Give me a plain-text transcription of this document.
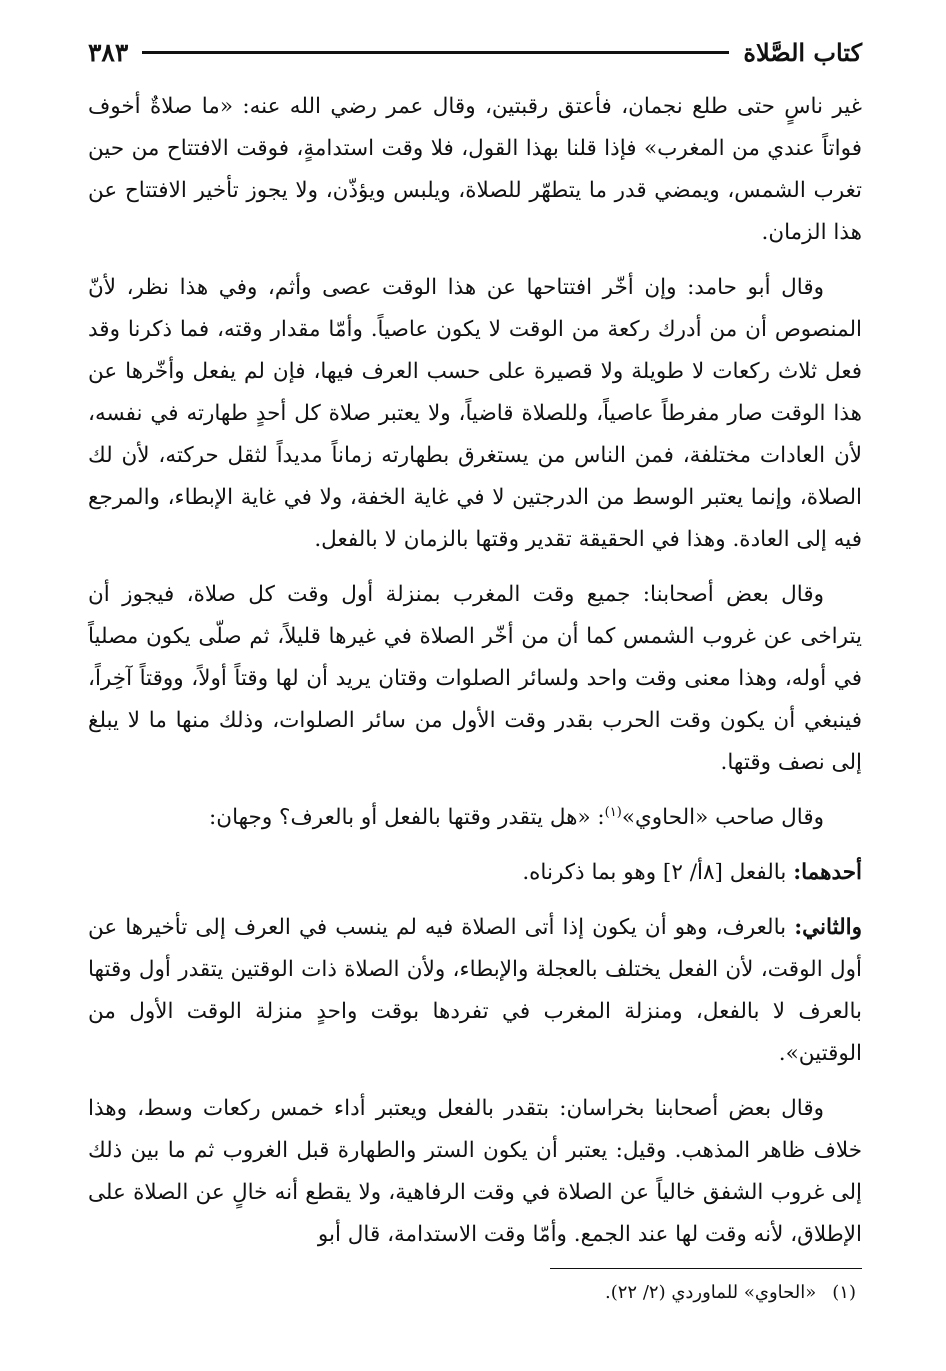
كتاب الصَّلاة
٣٨٣

غير ناسٍ حتى طلع نجمان، فأعتق رقبتين، وقال عمر رضي الله عنه: «ما صلاةٌ أخوف فواتاً عندي من المغرب» فإذا قلنا بهذا القول، فلا وقت استدامةٍ، فوقت الافتتاح من حين تغرب الشمس، ويمضي قدر ما يتطهّر للصلاة، ويلبس ويؤذّن، ولا يجوز تأخير الافتتاح عن هذا الزمان.

وقال أبو حامد: وإن أخّر افتتاحها عن هذا الوقت عصى وأثم، وفي هذا نظر، لأنّ المنصوص أن من أدرك ركعة من الوقت لا يكون عاصياً. وأمّا مقدار وقته، فما ذكرنا وقد فعل ثلاث ركعات لا طويلة ولا قصيرة على حسب العرف فيها، فإن لم يفعل وأخّرها عن هذا الوقت صار مفرطاً عاصياً، وللصلاة قاضياً، ولا يعتبر صلاة كل أحدٍ طهارته في نفسه، لأن العادات مختلفة، فمن الناس من يستغرق بطهارته زماناً مديداً لثقل حركته، لأن لك الصلاة، وإنما يعتبر الوسط من الدرجتين لا في غاية الخفة، ولا في غاية الإبطاء، والمرجع فيه إلى العادة. وهذا في الحقيقة تقدير وقتها بالزمان لا بالفعل.

وقال بعض أصحابنا: جميع وقت المغرب بمنزلة أول وقت كل صلاة، فيجوز أن يتراخى عن غروب الشمس كما أن من أخّر الصلاة في غيرها قليلاً، ثم صلّى يكون مصلياً في أوله، وهذا معنى وقت واحد ولسائر الصلوات وقتان يريد أن لها وقتاً أولاً، ووقتاً آخِراً، فينبغي أن يكون وقت الحرب بقدر وقت الأول من سائر الصلوات، وذلك منها ما لا يبلغ إلى نصف وقتها.

وقال صاحب «الحاوي»$^{(١)}$: «هل يتقدر وقتها بالفعل أو بالعرف؟ وجهان:

أحدهما: بالفعل [٨أ/ ٢] وهو بما ذكرناه.

والثاني: بالعرف، وهو أن يكون إذا أتى الصلاة فيه لم ينسب في العرف إلى تأخيرها عن أول الوقت، لأن الفعل يختلف بالعجلة والإبطاء، ولأن الصلاة ذات الوقتين يتقدر أول وقتها بالعرف لا بالفعل، ومنزلة المغرب في تفردها بوقت واحدٍ منزلة الوقت الأول من الوقتين».

وقال بعض أصحابنا بخراسان: بتقدر بالفعل ويعتبر أداء خمس ركعات وسط، وهذا خلاف ظاهر المذهب. وقيل: يعتبر أن يكون الستر والطهارة قبل الغروب ثم ما بين ذلك إلى غروب الشفق خالياً عن الصلاة في وقت الرفاهية، ولا يقطع أنه خالٍ عن الصلاة على الإطلاق، لأنه وقت لها عند الجمع. وأمّا وقت الاستدامة، قال أبو

(١)«الحاوي» للماوردي (٢/ ٢٢).
